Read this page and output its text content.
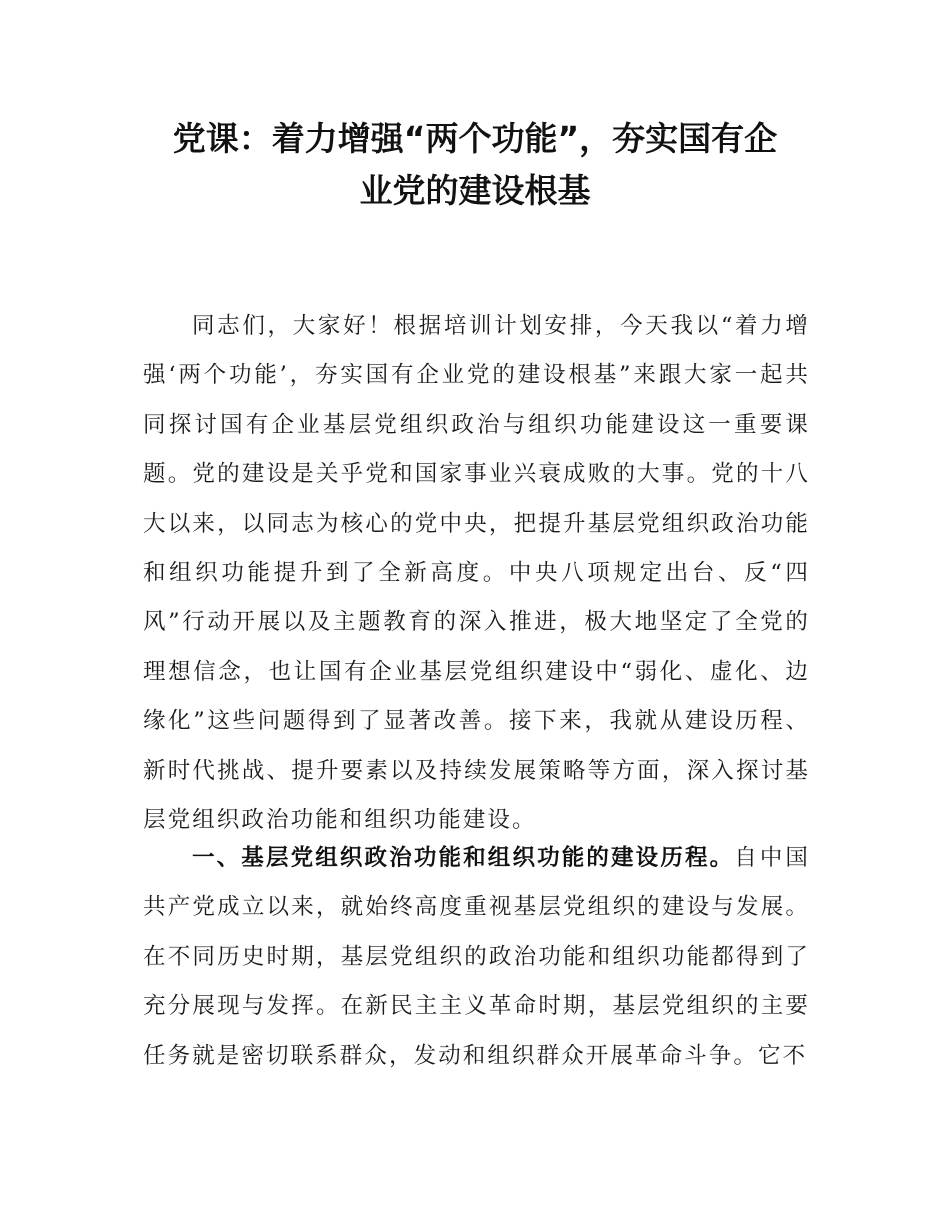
党课：着力增强“两个功能”，夯实国有企
业党的建设根基

同志们，大家好！根据培训计划安排，今天我以“着力增强‘两个功能’，夯实国有企业党的建设根基”来跟大家一起共同探讨国有企业基层党组织政治与组织功能建设这一重要课题。党的建设是关乎党和国家事业兴衰成败的大事。党的十八大以来，以同志为核心的党中央，把提升基层党组织政治功能和组织功能提升到了全新高度。中央八项规定出台、反“四风”行动开展以及主题教育的深入推进，极大地坚定了全党的理想信念，也让国有企业基层党组织建设中“弱化、虚化、边缘化”这些问题得到了显著改善。接下来，我就从建设历程、新时代挑战、提升要素以及持续发展策略等方面，深入探讨基层党组织政治功能和组织功能建设。

一、基层党组织政治功能和组织功能的建设历程。自中国共产党成立以来，就始终高度重视基层党组织的建设与发展。在不同历史时期，基层党组织的政治功能和组织功能都得到了充分展现与发挥。在新民主主义革命时期，基层党组织的主要任务就是密切联系群众，发动和组织群众开展革命斗争。它不
